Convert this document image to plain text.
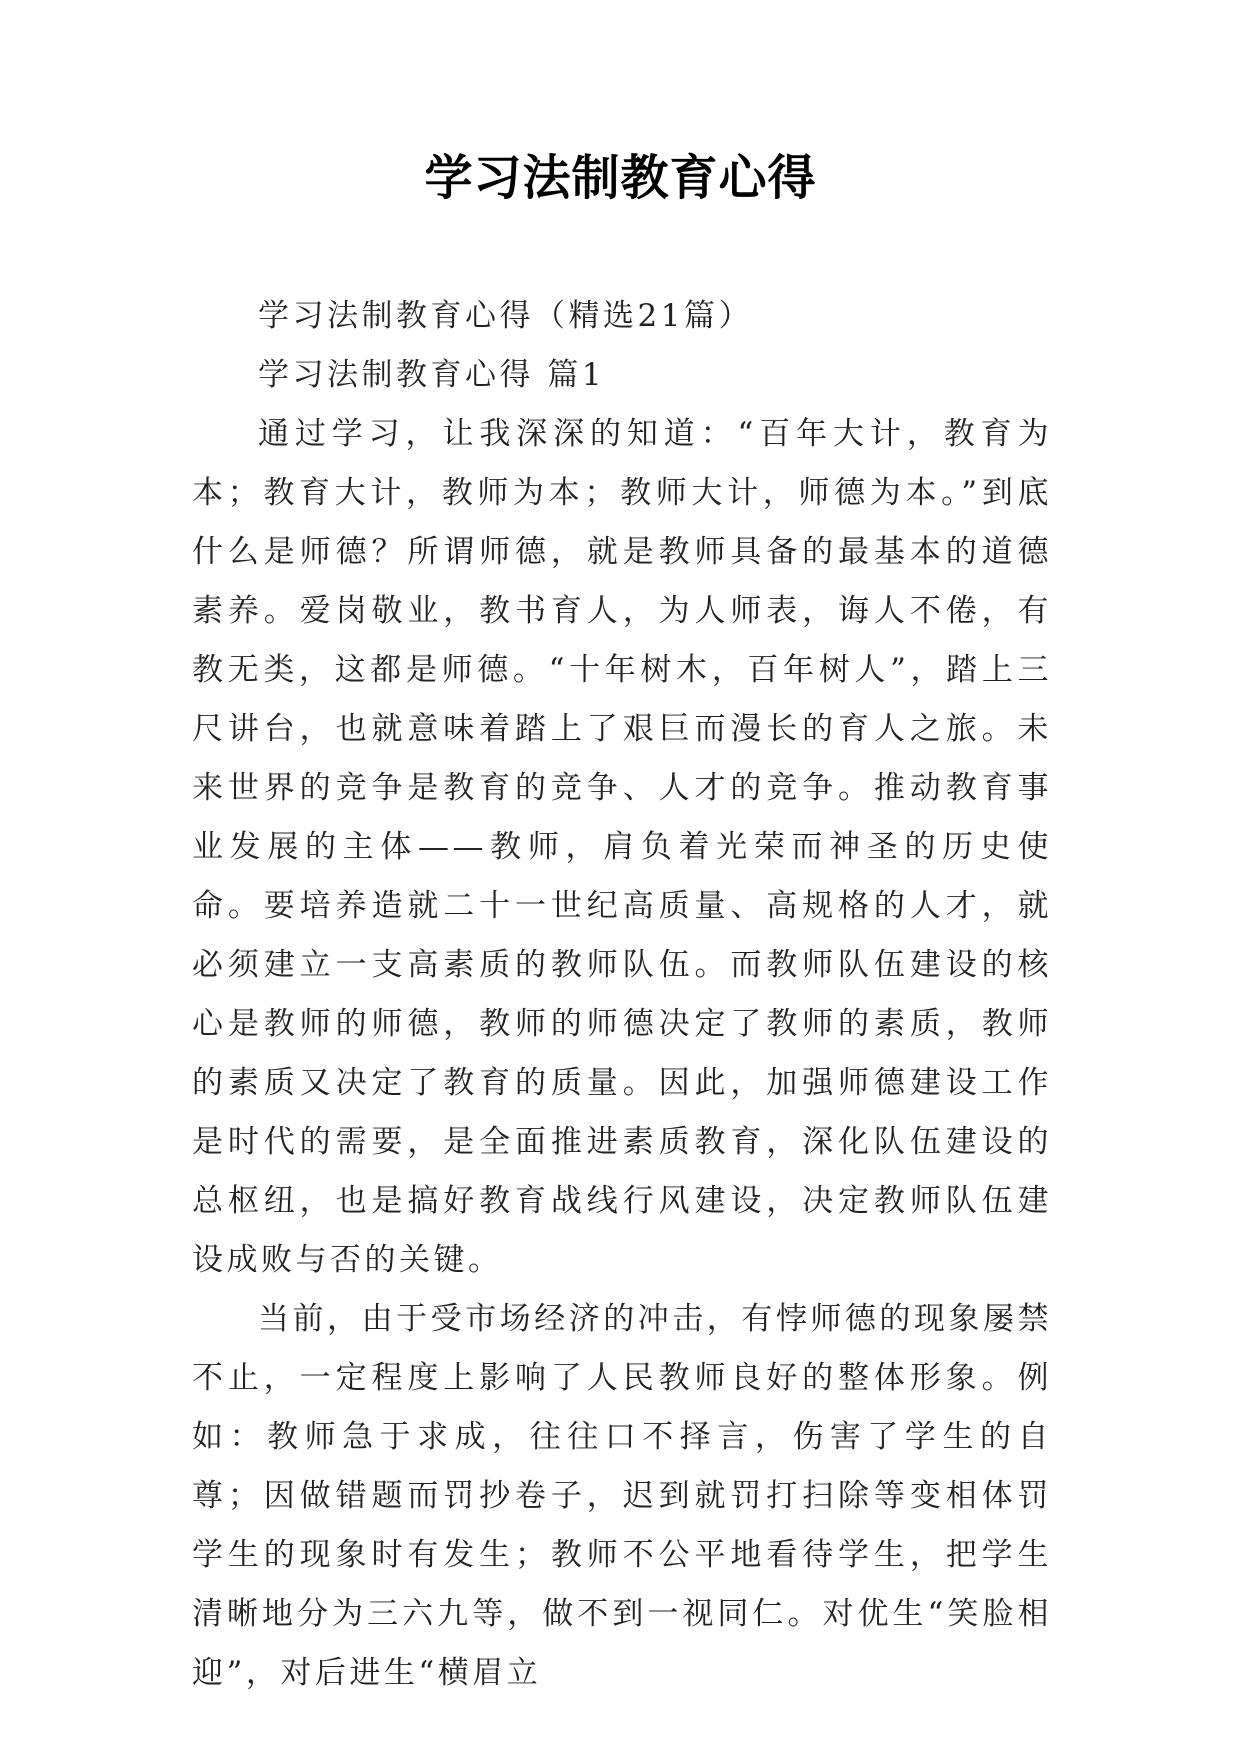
学习法制教育心得

学习法制教育心得（精选21篇）

学习法制教育心得 篇1

通过学习，让我深深的知道：“百年大计，教育为本；教育大计，教师为本；教师大计，师德为本。”到底什么是师德？所谓师德，就是教师具备的最基本的道德素养。爱岗敬业，教书育人，为人师表，诲人不倦，有教无类，这都是师德。“十年树木，百年树人”，踏上三尺讲台，也就意味着踏上了艰巨而漫长的育人之旅。未来世界的竞争是教育的竞争、人才的竞争。推动教育事业发展的主体——教师，肩负着光荣而神圣的历史使命。要培养造就二十一世纪高质量、高规格的人才，就必须建立一支高素质的教师队伍。而教师队伍建设的核心是教师的师德，教师的师德决定了教师的素质，教师的素质又决定了教育的质量。因此，加强师德建设工作是时代的需要，是全面推进素质教育，深化队伍建设的总枢纽，也是搞好教育战线行风建设，决定教师队伍建设成败与否的关键。

当前，由于受市场经济的冲击，有悖师德的现象屡禁不止，一定程度上影响了人民教师良好的整体形象。例如：教师急于求成，往往口不择言，伤害了学生的自尊；因做错题而罚抄卷子，迟到就罚打扫除等变相体罚学生的现象时有发生；教师不公平地看待学生，把学生清晰地分为三六九等，做不到一视同仁。对优生“笑脸相迎”，对后进生“横眉立
